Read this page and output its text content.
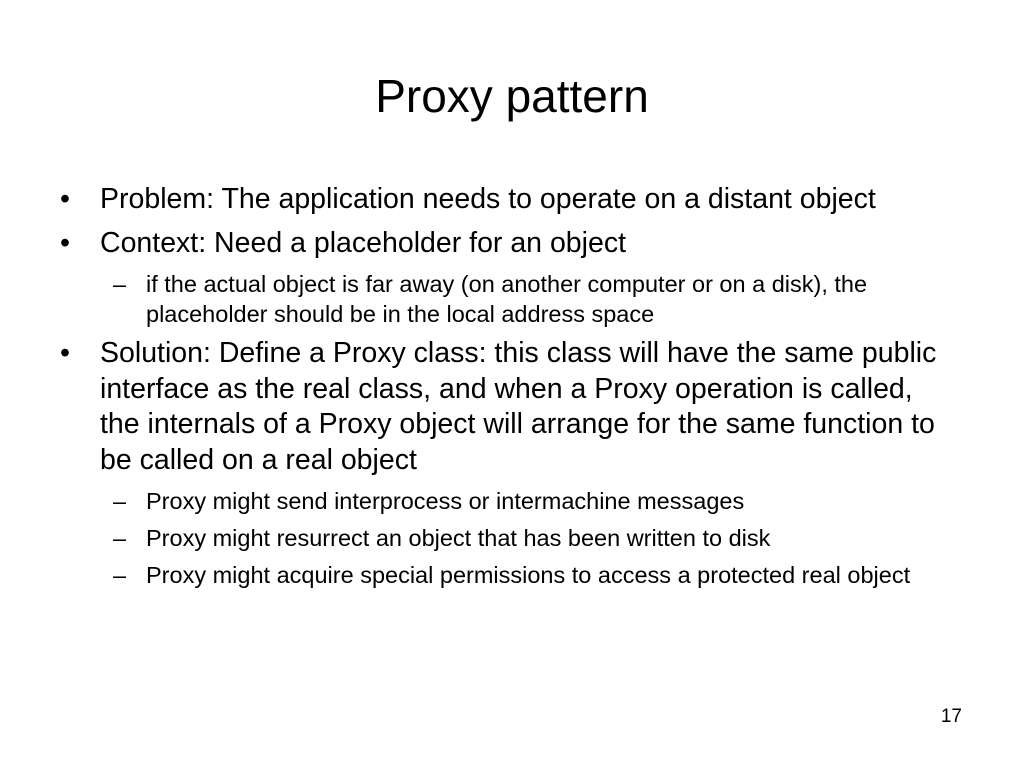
Proxy pattern
• Problem: The application needs to operate on a distant object
• Context: Need a placeholder for an object
– if the actual object is far away (on another computer or on a disk), the placeholder should be in the local address space
• Solution: Define a Proxy class: this class will have the same public interface as the real class, and when a Proxy operation is called, the internals of a Proxy object will arrange for the same function to be called on a real object
– Proxy might send interprocess or intermachine messages
– Proxy might resurrect an object that has been written to disk
– Proxy might acquire special permissions to access a protected real object
17
